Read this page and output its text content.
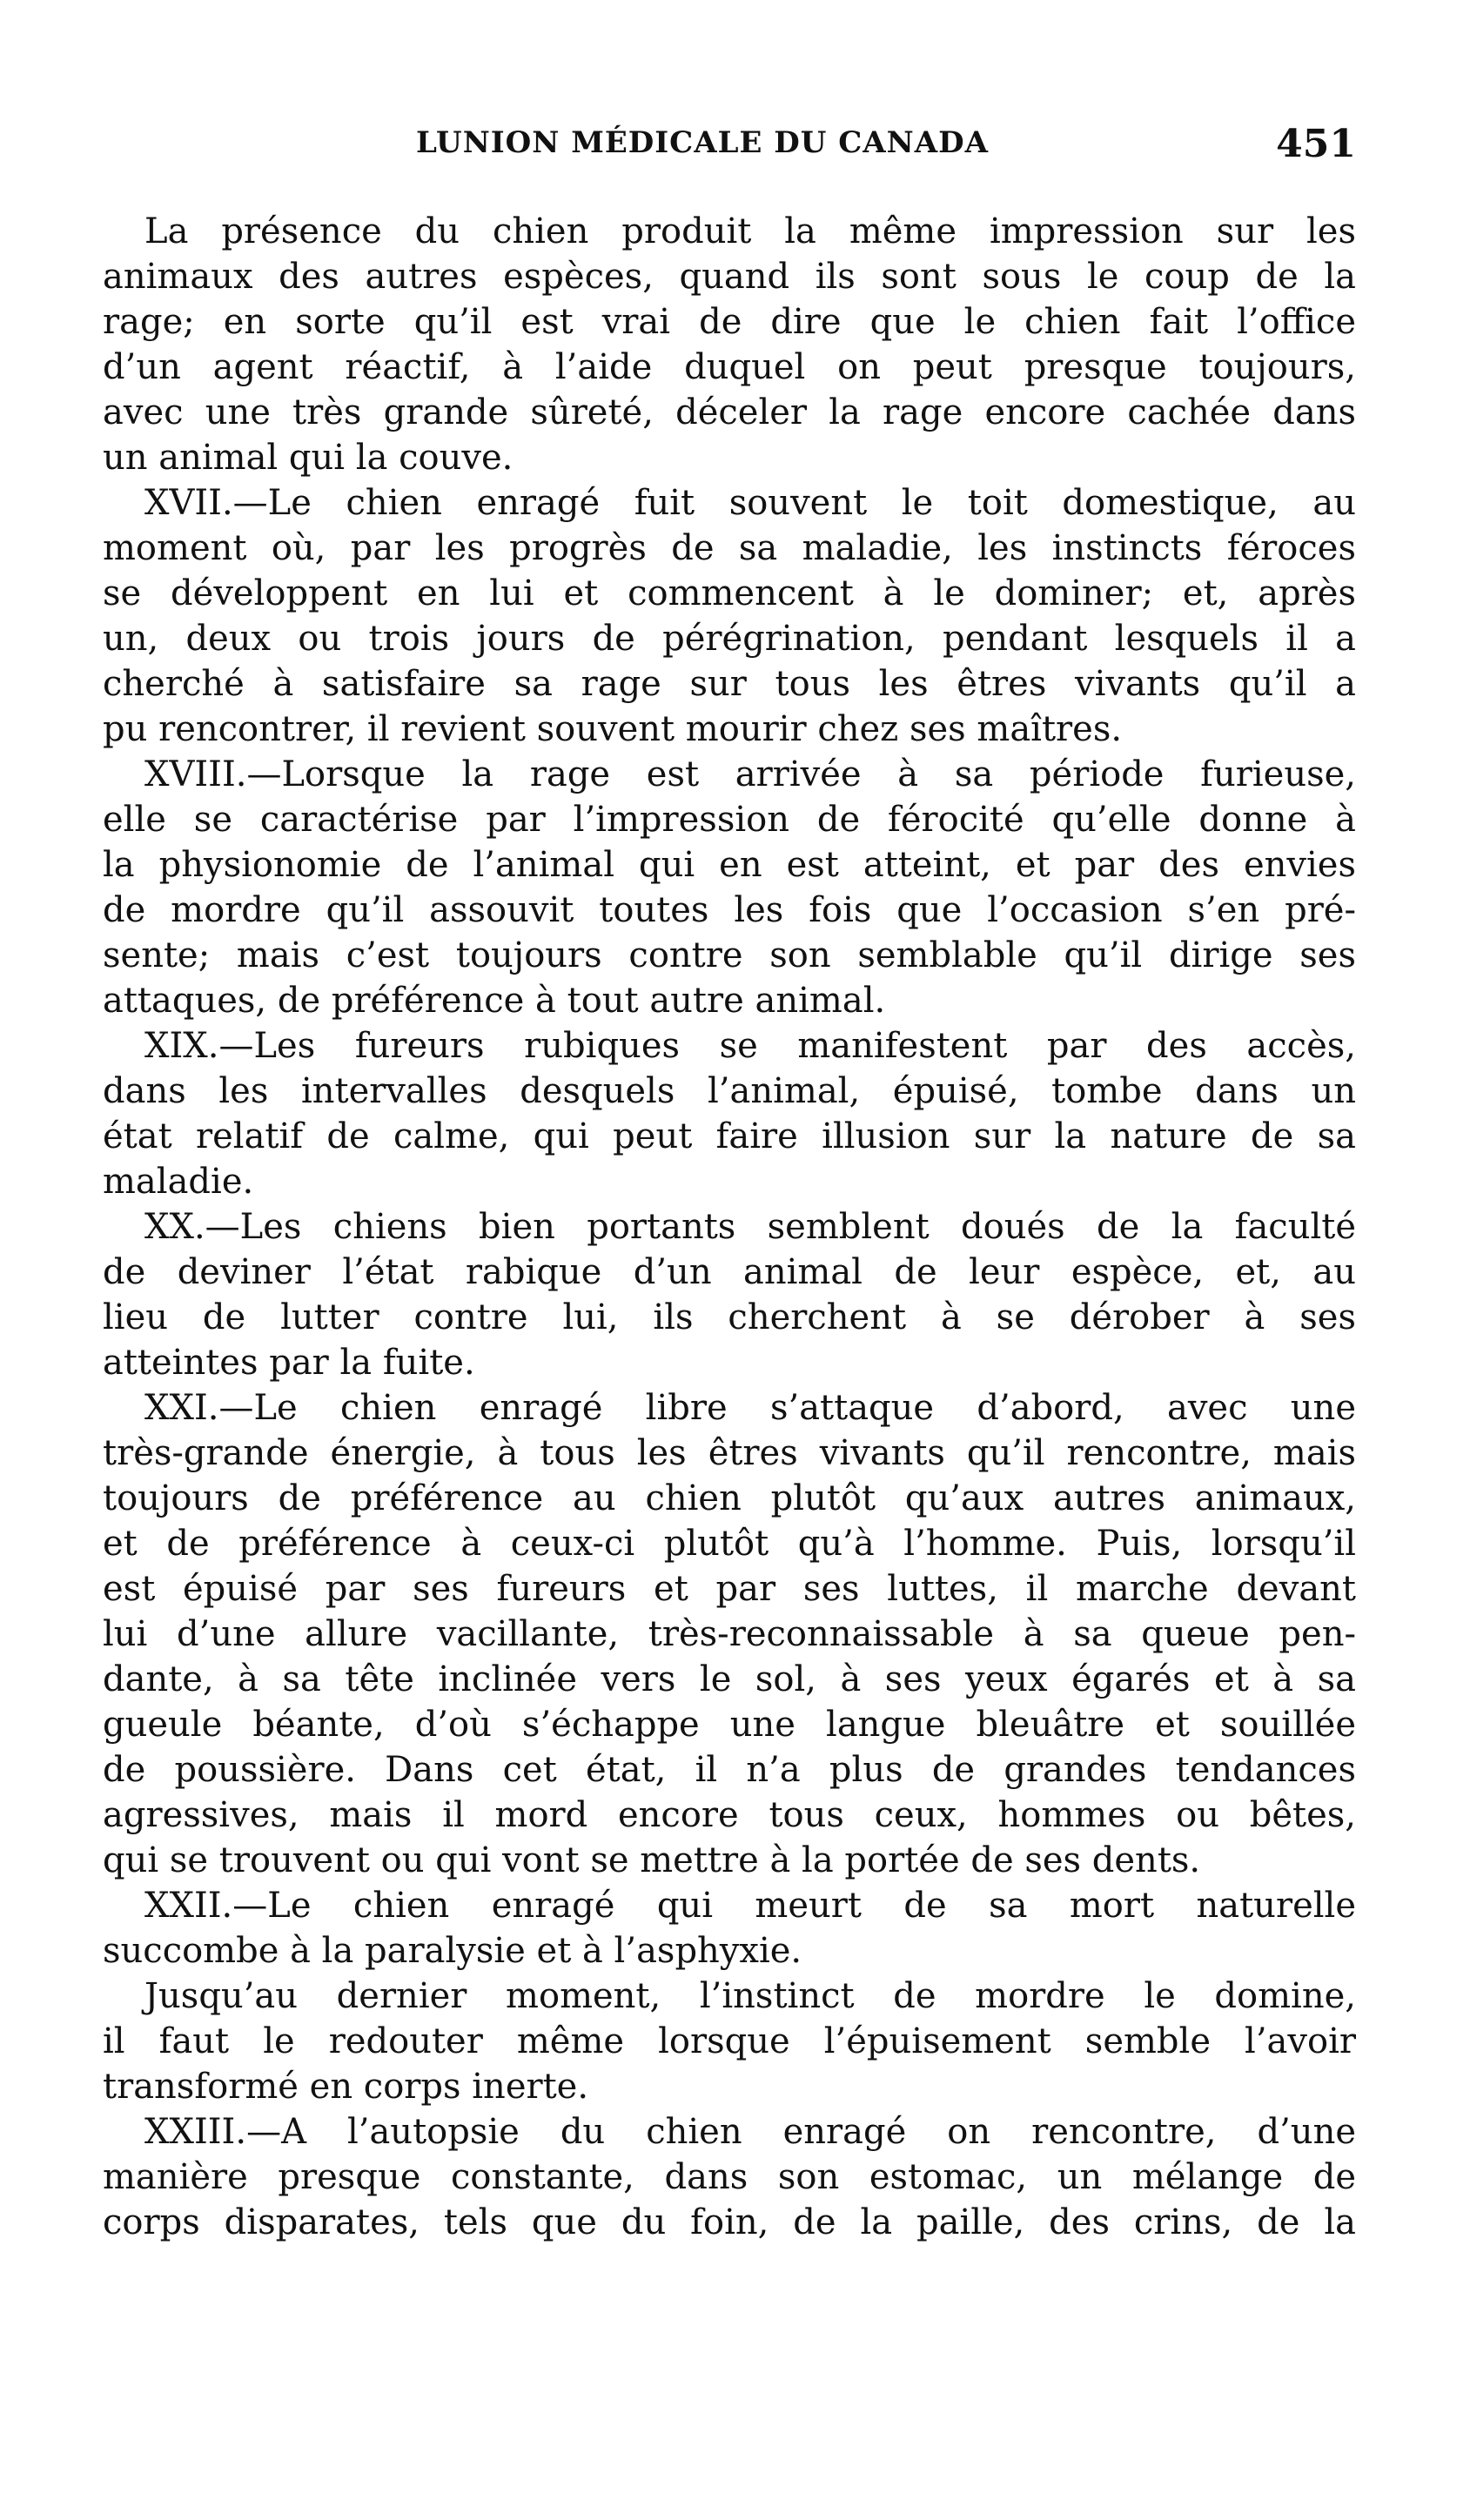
LUNION MÉDICALE DU CANADA	451
La présence du chien produit la même impression sur les
animaux des autres espèces, quand ils sont sous le coup de la
rage; en sorte qu’il est vrai de dire que le chien fait l’office
d’un agent réactif, à l’aide duquel on peut presque toujours,
avec une très grande sûreté, déceler la rage encore cachée dans
un animal qui la couve.
XVII.—Le chien enragé fuit souvent le toit domestique, au
moment où, par les progrès de sa maladie, les instincts féroces
se développent en lui et commencent à le dominer; et, après
un, deux ou trois jours de pérégrination, pendant lesquels il a
cherché à satisfaire sa rage sur tous les êtres vivants qu’il a
pu rencontrer, il revient souvent mourir chez ses maîtres.
XVIII.—Lorsque la rage est arrivée à sa période furieuse,
elle se caractérise par l’impression de férocité qu’elle donne à
la physionomie de l’animal qui en est atteint, et par des envies
de mordre qu’il assouvit toutes les fois que l’occasion s’en pré-
sente; mais c’est toujours contre son semblable qu’il dirige ses
attaques, de préférence à tout autre animal.
XIX.—Les fureurs rubiques se manifestent par des accès,
dans les intervalles desquels l’animal, épuisé, tombe dans un
état relatif de calme, qui peut faire illusion sur la nature de sa
maladie.
XX.—Les chiens bien portants semblent doués de la faculté
de deviner l’état rabique d’un animal de leur espèce, et, au
lieu de lutter contre lui, ils cherchent à se dérober à ses
atteintes par la fuite.
XXI.—Le chien enragé libre s’attaque d’abord, avec une
très-grande énergie, à tous les êtres vivants qu’il rencontre, mais
toujours de préférence au chien plutôt qu’aux autres animaux,
et de préférence à ceux-ci plutôt qu’à l’homme. Puis, lorsqu’il
est épuisé par ses fureurs et par ses luttes, il marche devant
lui d’une allure vacillante, très-reconnaissable à sa queue pen-
dante, à sa tête inclinée vers le sol, à ses yeux égarés et à sa
gueule béante, d’où s’échappe une langue bleuâtre et souillée
de poussière. Dans cet état, il n’a plus de grandes tendances
agressives, mais il mord encore tous ceux, hommes ou bêtes,
qui se trouvent ou qui vont se mettre à la portée de ses dents.
XXII.—Le chien enragé qui meurt de sa mort naturelle
succombe à la paralysie et à l’asphyxie.
Jusqu’au dernier moment, l’instinct de mordre le domine,
il faut le redouter même lorsque l’épuisement semble l’avoir
transformé en corps inerte.
XXIII.—A l’autopsie du chien enragé on rencontre, d’une
manière presque constante, dans son estomac, un mélange de
corps disparates, tels que du foin, de la paille, des crins, de la
